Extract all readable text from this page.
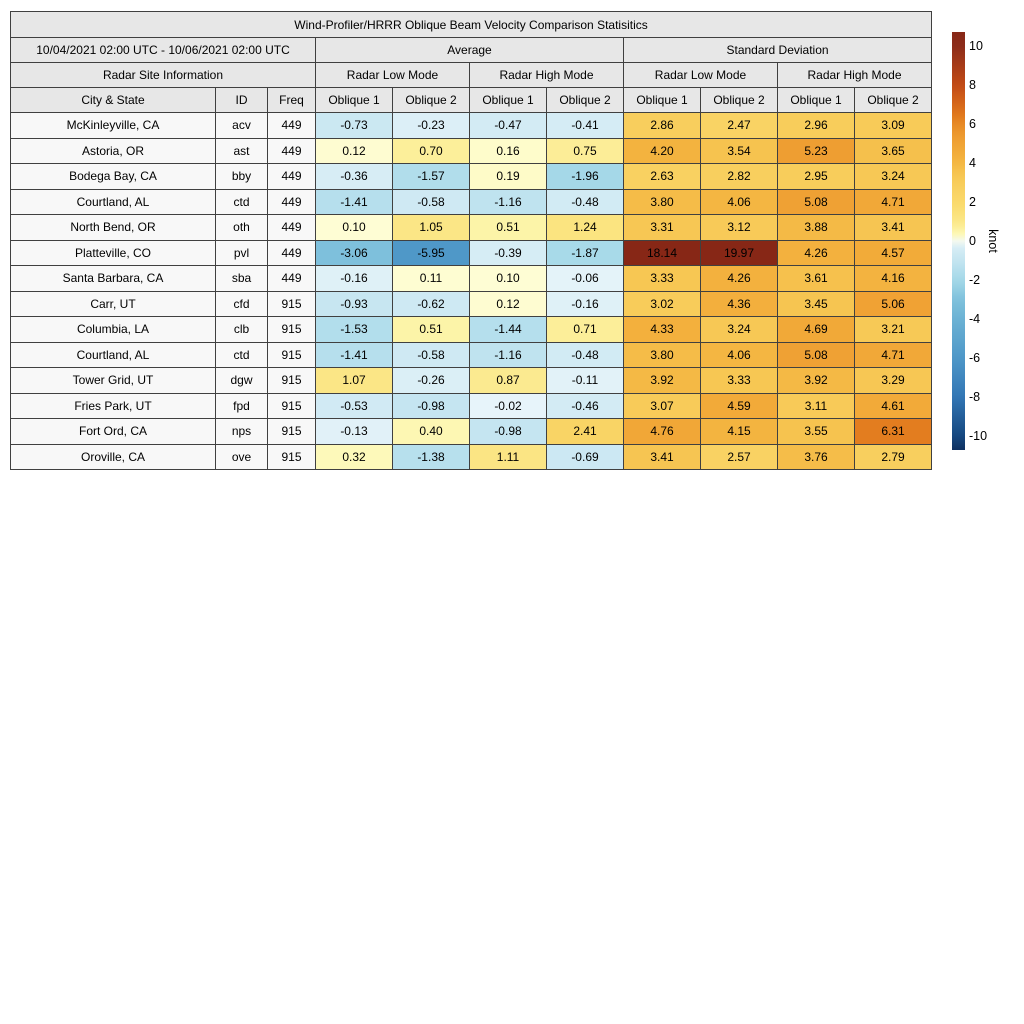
Wind-Profiler/HRRR Oblique Beam Velocity Comparison Statisitics										
10/04/2021 02:00 UTC - 10/06/2021 02:00 UTC			Average				Standard Deviation			
Radar Site Information			Radar Low Mode		Radar High Mode		Radar Low Mode		Radar High Mode	
City & State	ID	Freq	Oblique 1	Oblique 2	Oblique 1	Oblique 2	Oblique 1	Oblique 2	Oblique 1	Oblique 2
McKinleyville, CA	acv	449	-0.73	-0.23	-0.47	-0.41	2.86	2.47	2.96	3.09
Astoria, OR	ast	449	0.12	0.70	0.16	0.75	4.20	3.54	5.23	3.65
Bodega Bay, CA	bby	449	-0.36	-1.57	0.19	-1.96	2.63	2.82	2.95	3.24
Courtland, AL	ctd	449	-1.41	-0.58	-1.16	-0.48	3.80	4.06	5.08	4.71
North Bend, OR	oth	449	0.10	1.05	0.51	1.24	3.31	3.12	3.88	3.41
Platteville, CO	pvl	449	-3.06	-5.95	-0.39	-1.87	18.14	19.97	4.26	4.57
Santa Barbara, CA	sba	449	-0.16	0.11	0.10	-0.06	3.33	4.26	3.61	4.16
Carr, UT	cfd	915	-0.93	-0.62	0.12	-0.16	3.02	4.36	3.45	5.06
Columbia, LA	clb	915	-1.53	0.51	-1.44	0.71	4.33	3.24	4.69	3.21
Courtland, AL	ctd	915	-1.41	-0.58	-1.16	-0.48	3.80	4.06	5.08	4.71
Tower Grid, UT	dgw	915	1.07	-0.26	0.87	-0.11	3.92	3.33	3.92	3.29
Fries Park, UT	fpd	915	-0.53	-0.98	-0.02	-0.46	3.07	4.59	3.11	4.61
Fort Ord, CA	nps	915	-0.13	0.40	-0.98	2.41	4.76	4.15	3.55	6.31
Oroville, CA	ove	915	0.32	-1.38	1.11	-0.69	3.41	2.57	3.76	2.79
10
8
6
4
2
0
-2
-4
-6
-8
-10
knot
